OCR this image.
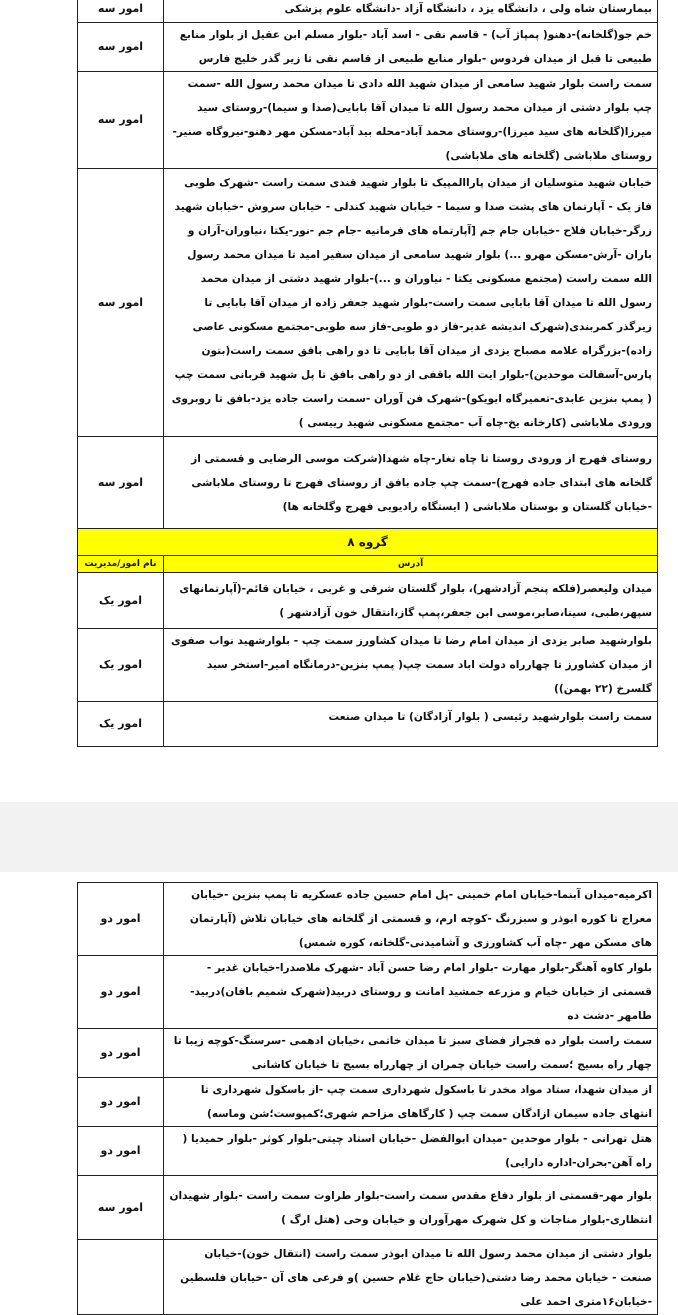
بیمارستان شاه ولی ، دانشگاه یزد ، دانشگاه آزاد -دانشگاه علوم پزشکی	امور سه
خم جو(گلخانه)-دهنو( پمپاژ آب) - قاسم نقی - اسد آباد -بلوار مسلم ابن عقیل از بلوار منابع طبیعی تا قبل از میدان فردوس -بلوار منابع طبیعی از قاسم نقی تا زیر گذر خلیج فارس	امور سه
سمت راست بلوار شهید سامعی از میدان شهید الله دادی تا میدان محمد رسول الله -سمت چپ بلوار دشتی از میدان محمد رسول الله تا میدان آقا بابایی(صدا و سیما)-روستای سید میرزا(گلخانه های سید میرزا)-روستای محمد آباد-محله بید آباد-مسکن مهر دهنو-نیروگاه صنیر-روستای ملاباشی (گلخانه های ملاباشی)	امور سه
خیابان شهید متوسلیان از میدان پاراالمپیک تا بلوار شهید قندی سمت راست -شهرک طوبی فاز یک - آپارتمان های پشت صدا و سیما - خیابان شهید کندلی - خیابان سروش -خیابان شهید زرگر-خیابان فلاح -خیابان جام جم [آپارتماه های فرمانیه -جام جم -نور-یکتا ،نیاوران-آران و باران -آرش-مسکن مهرو ...) بلوار شهید سامعی از میدان سفیر امید تا میدان محمد رسول الله سمت راست (مجتمع مسکونی یکتا - نیاوران و ...)-بلوار شهید دشتی از میدان محمد رسول الله تا میدان آقا بابایی سمت راست-بلوار شهید جعفر زاده از میدان آقا بابایی تا زیرگذر کمربندی(شهرک اندیشه غدیر-فاز دو طوبی-فاز سه طوبی-مجتمع مسکونی عاصی زاده)-بزرگراه علامه مصباح یزدی از میدان آقا بابایی تا دو راهی بافق سمت راست(بتون پارس-آسفالت موحدین)-بلوار ایت الله باقفی از دو راهی بافق تا پل شهید قربانی سمت چپ ( پمپ بنزین عابدی-تعمیرگاه ایویکو)-شهرک فن آوران -سمت راست جاده یزد-بافق تا روبروی ورودی ملاباشی (کارخانه یخ-چاه آب -مجتمع مسکونی شهید رییسی )	امور سه
روستای فهرج از ورودی روستا تا چاه تغار-چاه شهدا(شرکت موسی الرضایی و قسمتی از گلخانه های ابتدای جاده فهرج)-سمت چپ جاده بافق از روستای فهرج تا روستای ملاباشی -خیابان گلستان و بوستان ملاباشی ( ایستگاه رادیویی فهرج وگلخانه ها)	امور سه
گروه ۸	
آدرس	نام امور/مدیریت
میدان ولیعصر(فلکه پنجم آزادشهر)، بلوار گلستان شرقی و غربی ، خیابان قائم-(آپارتمانهای سپهر،طبی، سینا،صابر،موسی ابن جعفر،پمپ گاز،انتقال خون آزادشهر )	امور یک
بلوارشهید صابر یزدی از میدان امام رضا تا میدان کشاورز سمت چپ - بلوارشهید نواب صفوی از میدان کشاورز تا چهارراه دولت اباد سمت چپ( پمپ بنزین-درمانگاه امیر-استخر سید گلسرخ (۲۲ بهمن))	امور یک
سمت راست بلوارشهید رئیسی ( بلوار آزادگان) تا میدان صنعت	امور یک
اکرمیه-میدان آبنما-خیابان امام خمینی -پل امام حسین جاده عسکریه تا پمپ بنزین -خیابان معراج تا کوره ابوذر و سبزرنگ -کوچه ارم، و قسمتی از گلخانه های خیابان تلاش (آپارتمان های مسکن مهر -چاه آب کشاورزی و آشامیدنی-گلخانه، کوره شمس)	امور دو
بلوار کاوه آهنگر-بلوار مهارت -بلوار امام رضا حسن آباد -شهرک ملاصدرا-خیابان غدیر - قسمتی از خیابان خیام و مزرعه جمشید امانت و روستای دربید(شهرک شمیم بافان)دربید-طامهر -دشت ده	امور دو
سمت راست بلوار ده فجراز فضای سبز تا میدان خاتمی ،خیابان ادهمی -سرسنگ-کوچه زیبا تا چهار راه بسیج ؛سمت راست خیابان چمران از چهارراه بسیج تا خیابان کاشانی	امور دو
از میدان شهدا، ستاد مواد مخدر تا باسکول شهرداری سمت چپ -از باسکول شهرداری تا انتهای جاده سیمان ازادگان سمت چپ ( کارگاهای مزاحم شهری؛کمپوست؛شن وماسه)	امور دو
هتل تهرانی - بلوار موحدین -میدان ابوالفضل -خیابان استاد چیتی-بلوار کوثر -بلوار حمیدیا ( راه آهن-بحران-اداره دارایی)	امور دو
بلوار مهر-قسمتی از بلوار دفاع مقدس سمت راست-بلوار طراوت سمت راست -بلوار شهیدان انتظاری-بلوار مناجات و کل شهرک مهرآوران و خیابان وحی (هتل ارگ )	امور سه
بلوار دشتی از میدان محمد رسول الله تا میدان ابوذر سمت راست (انتقال خون)-خیابان صنعت - خیابان محمد رضا دشتی(خیابان حاج غلام حسین )و فرعی های آن -خیابان فلسطین -خیابان۱۶متری احمد علی	
